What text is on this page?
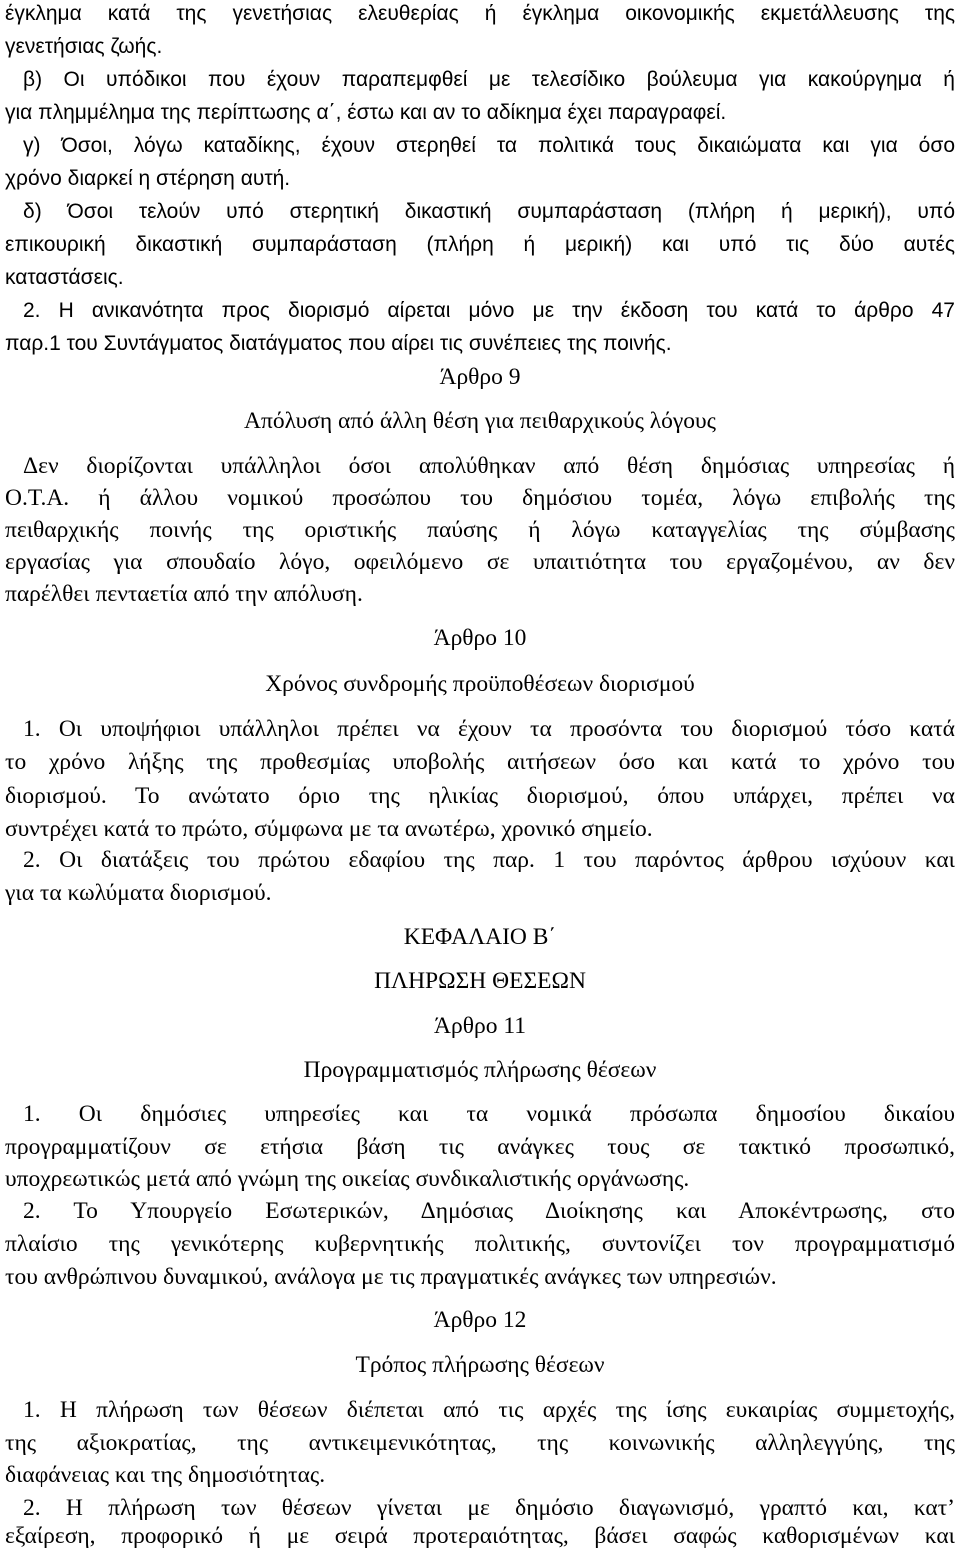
έγκλημα κατά της γενετήσιας ελευθερίας ή έγκλημα οικονομικής εκμετάλλευσης της
γενετήσιας ζωής.
β) Οι υπόδικοι που έχουν παραπεμφθεί με τελεσίδικο βούλευμα για κακούργημα ή
για πλημμέλημα της περίπτωσης α΄, έστω και αν το αδίκημα έχει παραγραφεί.
γ) Όσοι, λόγω καταδίκης, έχουν στερηθεί τα πολιτικά τους δικαιώματα και για όσο
χρόνο διαρκεί η στέρηση αυτή.
δ) Όσοι τελούν υπό στερητική δικαστική συμπαράσταση (πλήρη ή μερική), υπό
επικουρική δικαστική συμπαράσταση (πλήρη ή μερική) και υπό τις δύο αυτές
καταστάσεις.
2. Η ανικανότητα προς διορισμό αίρεται μόνο με την έκδοση του κατά το άρθρο 47
παρ.1 του Συντάγματος διατάγματος που αίρει τις συνέπειες της ποινής.
Άρθρο 9
Απόλυση από άλλη θέση για πειθαρχικούς λόγους
Δεν διορίζονται υπάλληλοι όσοι απολύθηκαν από θέση δημόσιας υπηρεσίας ή
Ο.Τ.Α. ή άλλου νομικού προσώπου του δημόσιου τομέα, λόγω επιβολής της
πειθαρχικής ποινής της οριστικής παύσης ή λόγω καταγγελίας της σύμβασης
εργασίας για σπουδαίο λόγο, οφειλόμενο σε υπαιτιότητα του εργαζομένου, αν δεν
παρέλθει πενταετία από την απόλυση.
Άρθρο 10
Χρόνος συνδρομής προϋποθέσεων διορισμού
1. Οι υποψήφιοι υπάλληλοι πρέπει να έχουν τα προσόντα του διορισμού τόσο κατά
το χρόνο λήξης της προθεσμίας υποβολής αιτήσεων όσο και κατά το χρόνο του
διορισμού. Το ανώτατο όριο της ηλικίας διορισμού, όπου υπάρχει, πρέπει να
συντρέχει κατά το πρώτο, σύμφωνα με τα ανωτέρω, χρονικό σημείο.
2. Οι διατάξεις του πρώτου εδαφίου της παρ. 1 του παρόντος άρθρου ισχύουν και
για τα κωλύματα διορισμού.
ΚΕΦΑΛΑΙΟ Β΄
ΠΛΗΡΩΣΗ ΘΕΣΕΩΝ
Άρθρο 11
Προγραμματισμός πλήρωσης θέσεων
1. Οι δημόσιες υπηρεσίες και τα νομικά πρόσωπα δημοσίου δικαίου
προγραμματίζουν σε ετήσια βάση τις ανάγκες τους σε τακτικό προσωπικό,
υποχρεωτικώς μετά από γνώμη της οικείας συνδικαλιστικής οργάνωσης.
2. Το Υπουργείο Εσωτερικών, Δημόσιας Διοίκησης και Αποκέντρωσης, στο
πλαίσιο της γενικότερης κυβερνητικής πολιτικής, συντονίζει τον προγραμματισμό
του ανθρώπινου δυναμικού, ανάλογα με τις πραγματικές ανάγκες των υπηρεσιών.
Άρθρο 12
Τρόπος πλήρωσης θέσεων
1. Η πλήρωση των θέσεων διέπεται από τις αρχές της ίσης ευκαιρίας συμμετοχής,
της αξιοκρατίας, της αντικειμενικότητας, της κοινωνικής αλληλεγγύης, της
διαφάνειας και της δημοσιότητας.
2. Η πλήρωση των θέσεων γίνεται με δημόσιο διαγωνισμό, γραπτό και, κατ’
εξαίρεση, προφορικό ή με σειρά προτεραιότητας, βάσει σαφώς καθορισμένων και
